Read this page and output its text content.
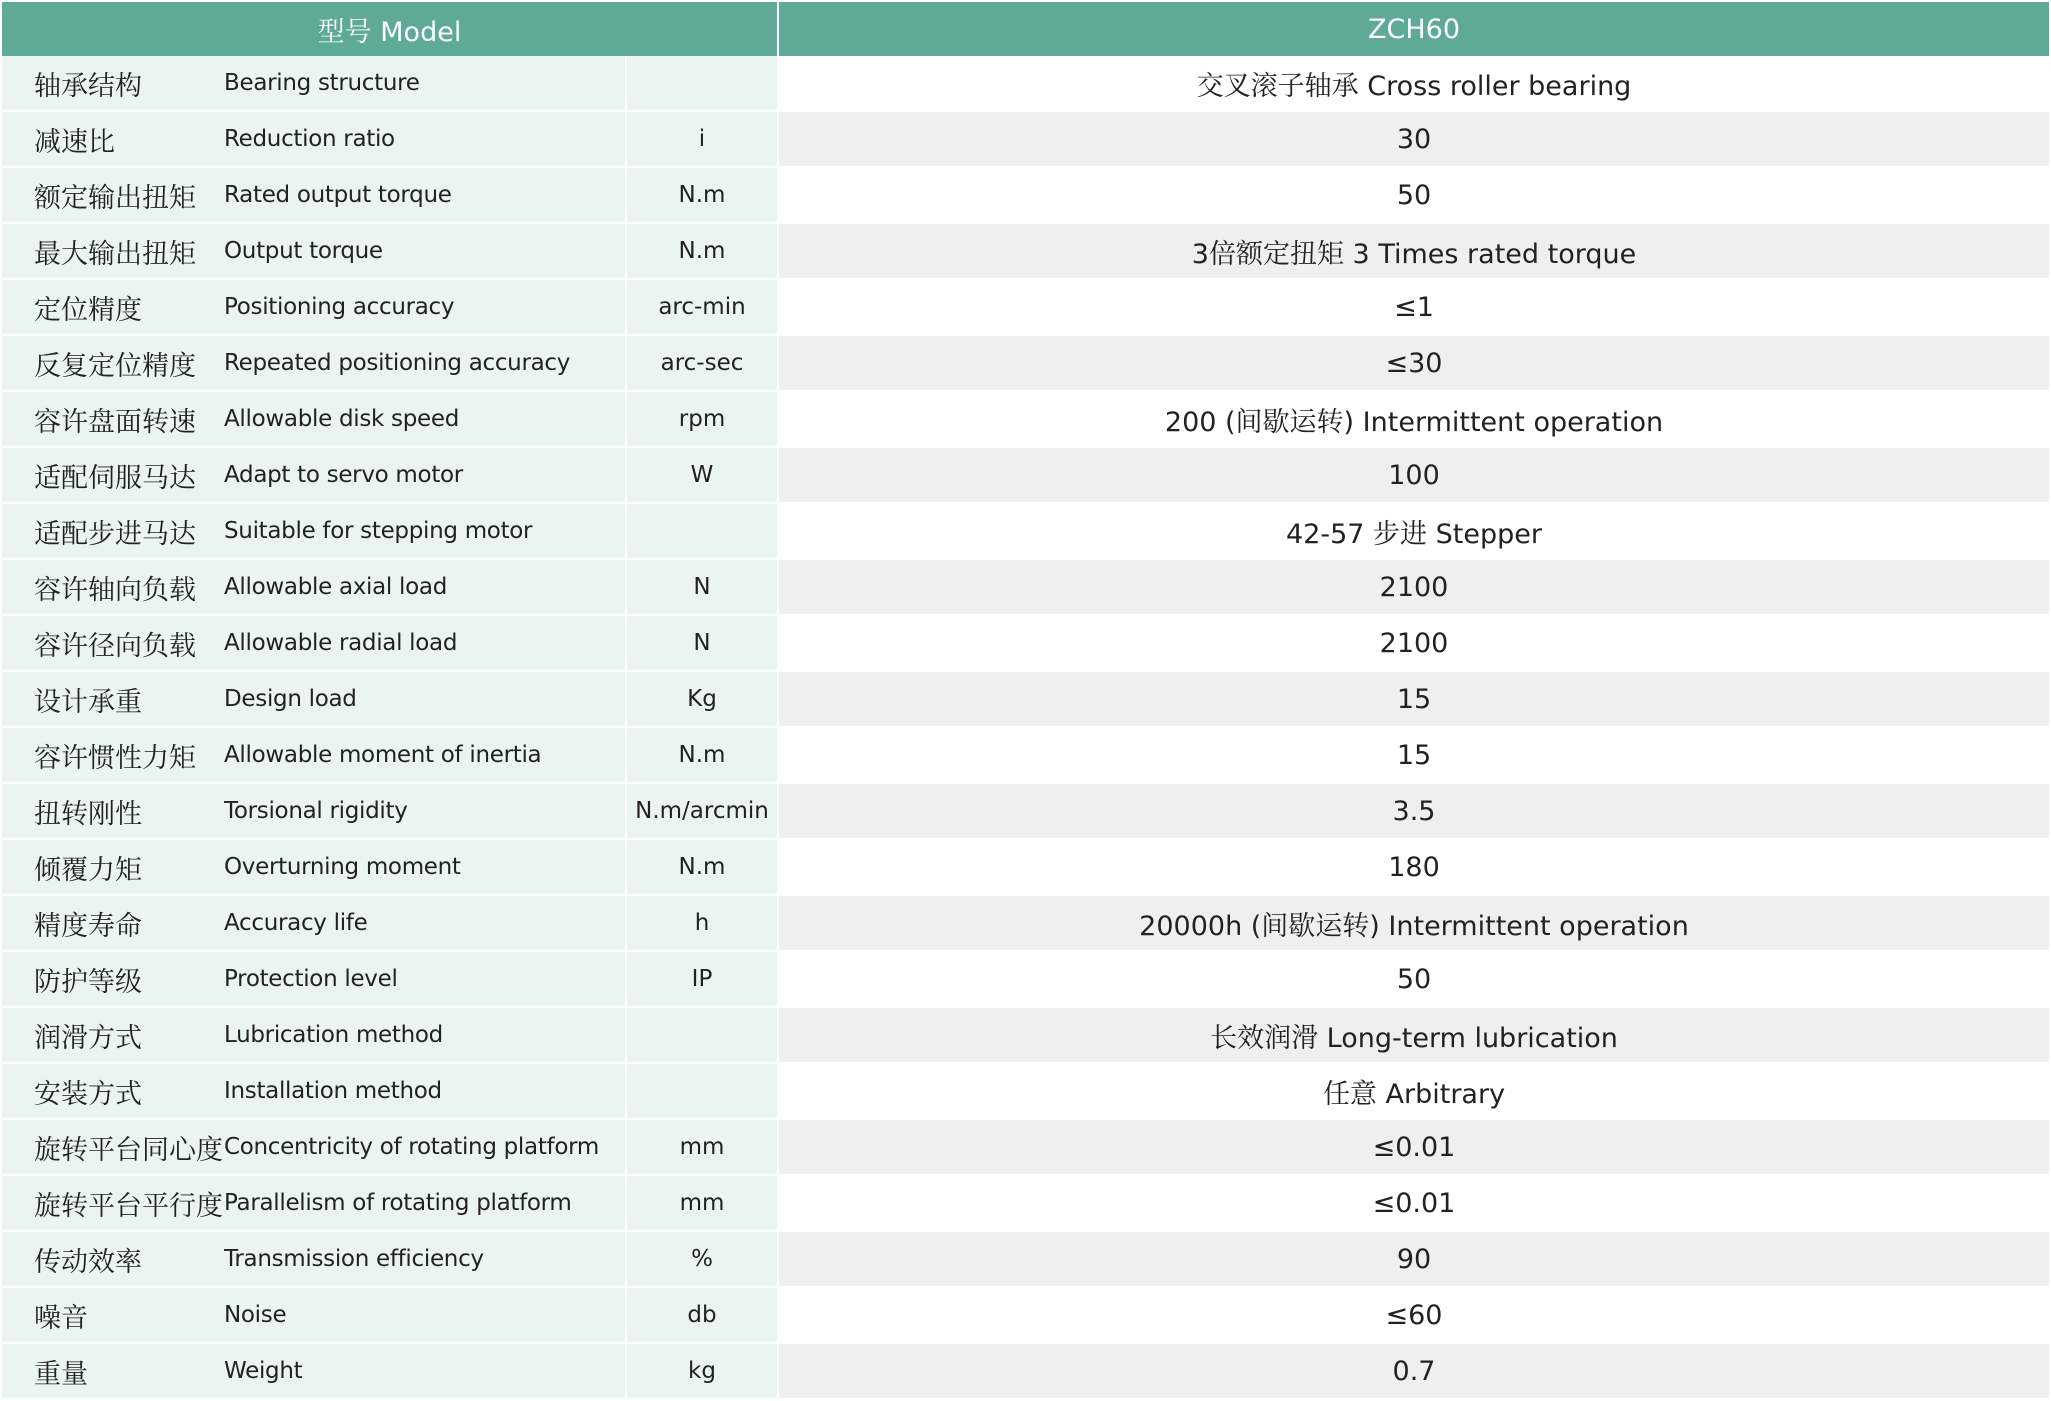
型号 Model			ZCH60
轴承结构	Bearing structure		交叉滚子轴承 Cross roller bearing
减速比	Reduction ratio	i	30
额定输出扭矩	Rated output torque	N.m	50
最大输出扭矩	Output torque	N.m	3倍额定扭矩 3 Times rated torque
定位精度	Positioning accuracy	arc-min	≤1
反复定位精度	Repeated positioning accuracy	arc-sec	≤30
容许盘面转速	Allowable disk speed	rpm	200 (间歇运转) Intermittent operation
适配伺服马达	Adapt to servo motor	W	100
适配步进马达	Suitable for stepping motor		42-57 步进 Stepper
容许轴向负载	Allowable axial load	N	2100
容许径向负载	Allowable radial load	N	2100
设计承重	Design load	Kg	15
容许惯性力矩	Allowable moment of inertia	N.m	15
扭转刚性	Torsional rigidity	N.m/arcmin	3.5
倾覆力矩	Overturning moment	N.m	180
精度寿命	Accuracy life	h	20000h (间歇运转) Intermittent operation
防护等级	Protection level	IP	50
润滑方式	Lubrication method		长效润滑 Long-term lubrication
安装方式	Installation method		任意 Arbitrary
旋转平台同心度	Concentricity of rotating platform	mm	≤0.01
旋转平台平行度	Parallelism of rotating platform	mm	≤0.01
传动效率	Transmission efficiency	%	90
噪音	Noise	db	≤60
重量	Weight	kg	0.7
